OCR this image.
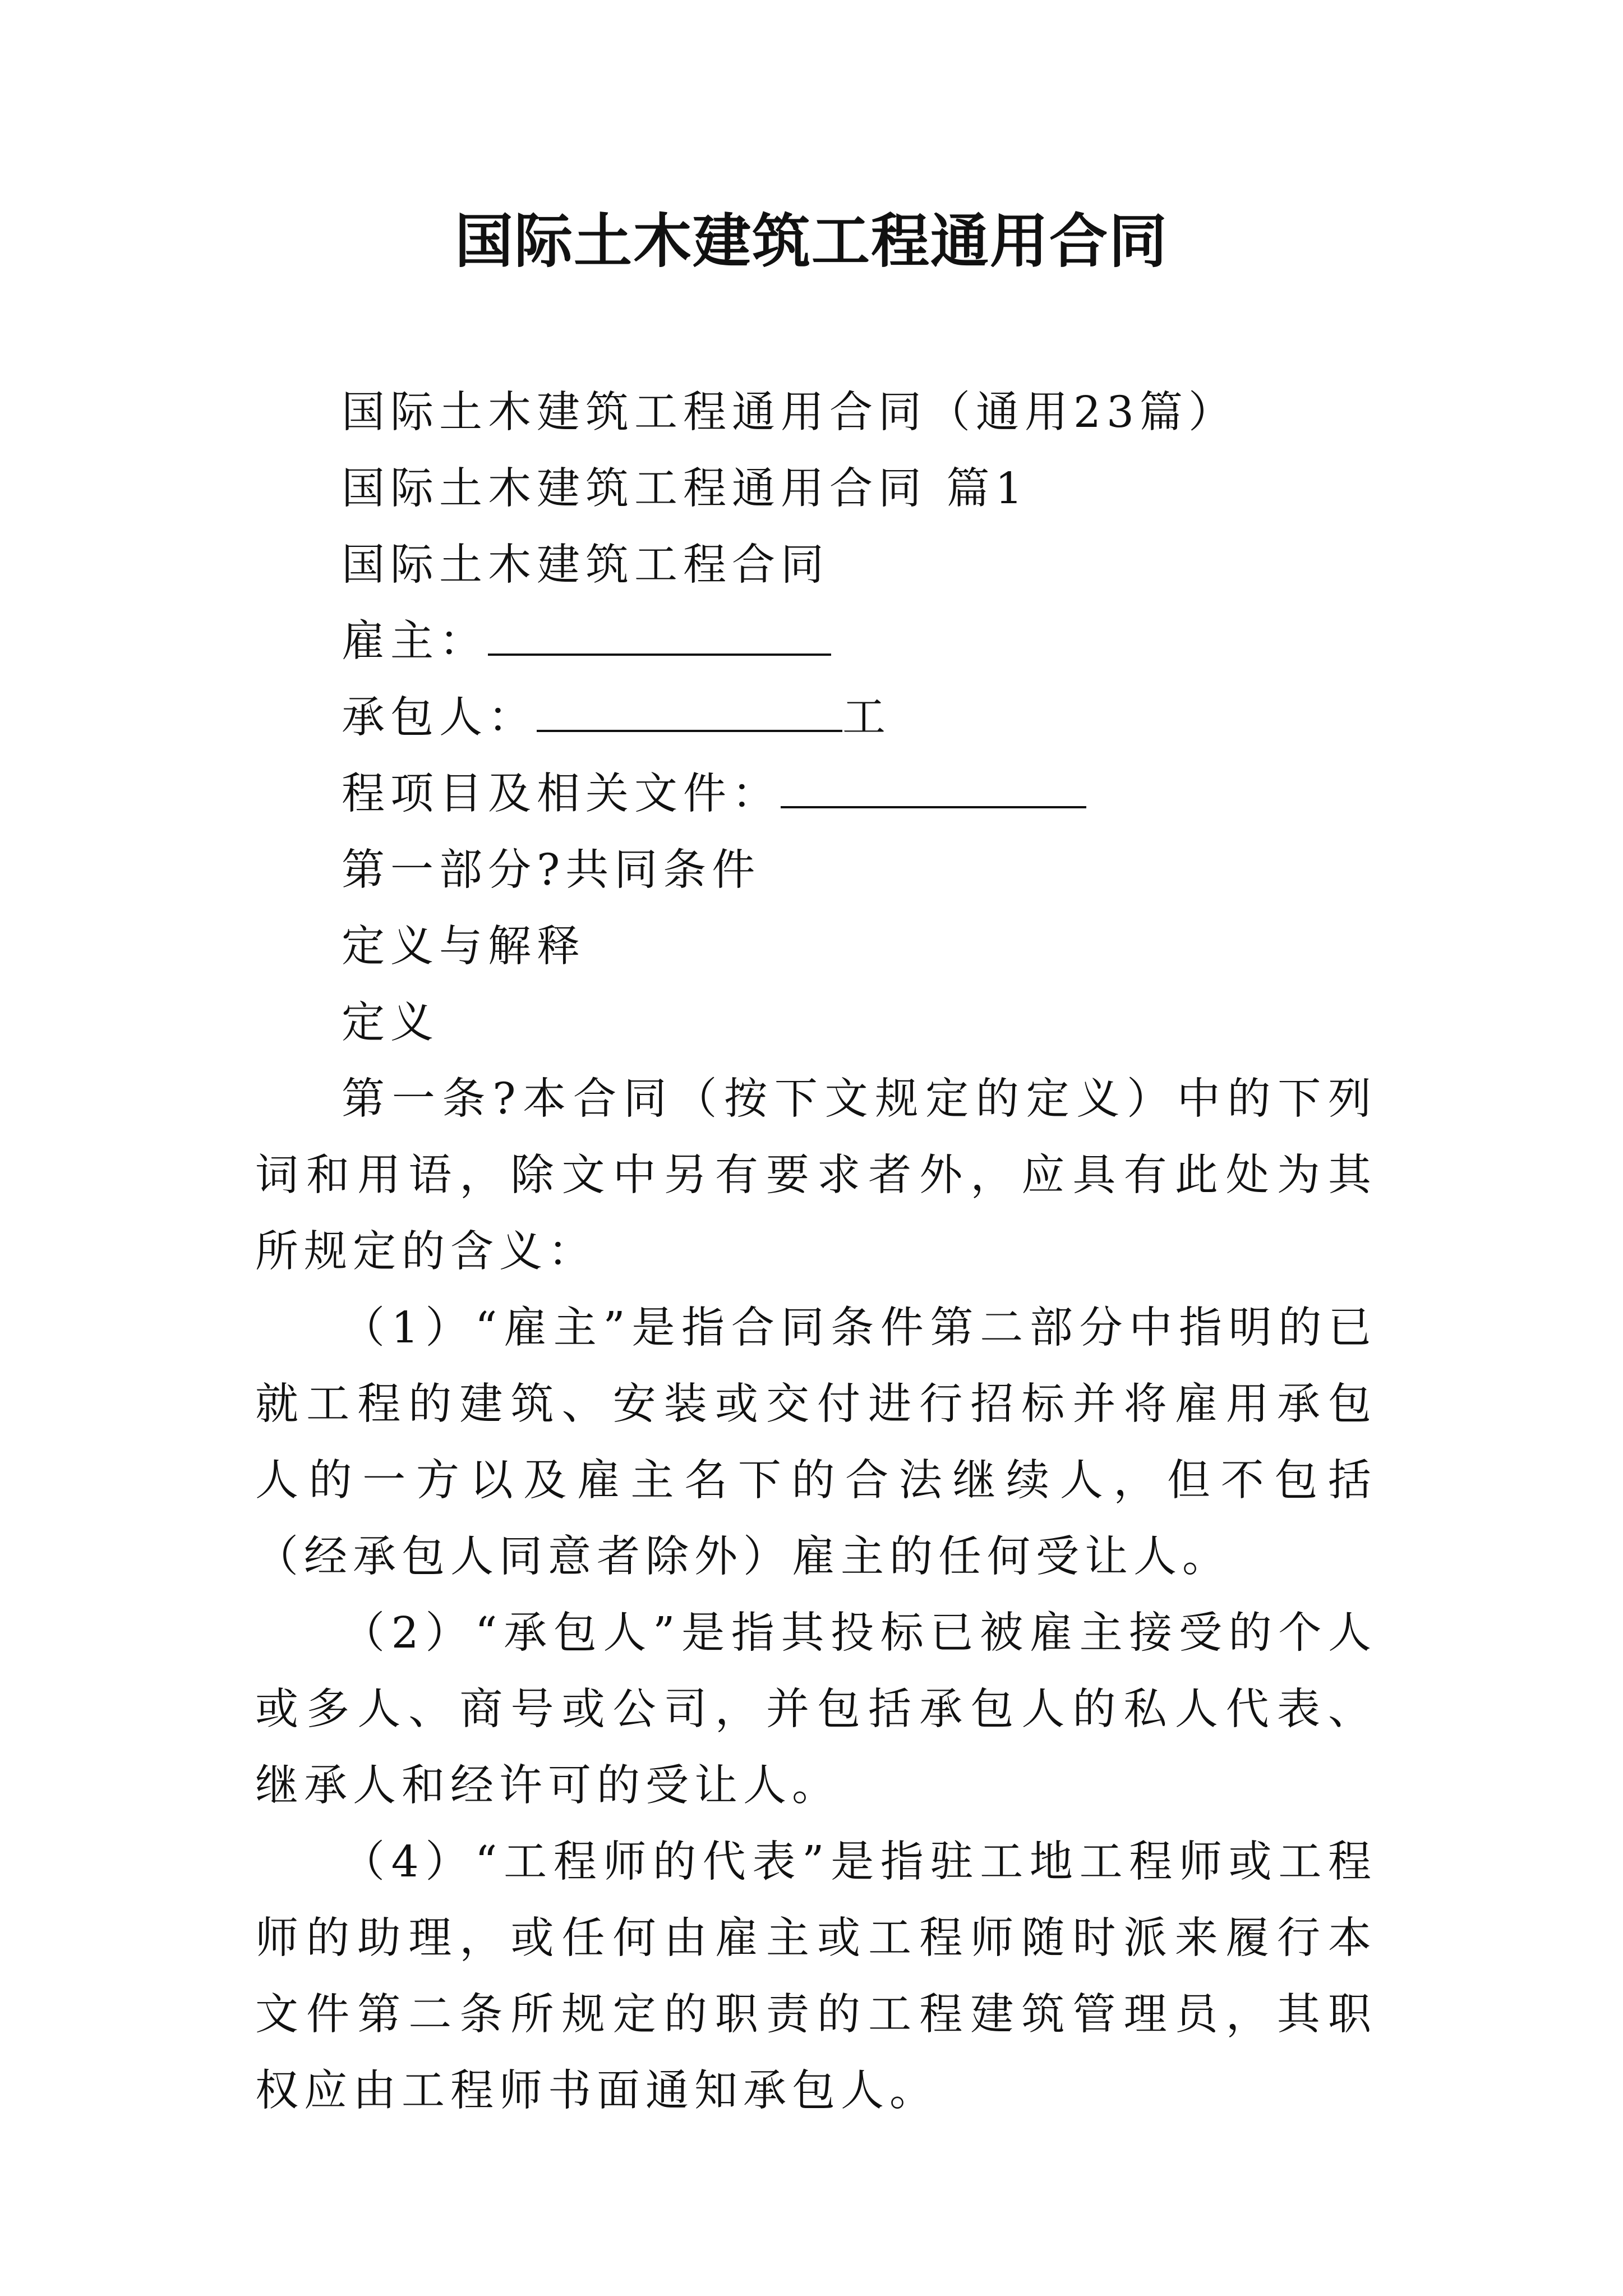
国际土木建筑工程通用合同

国际土木建筑工程通用合同（通用23篇）

国际土木建筑工程通用合同 篇1

国际土木建筑工程合同

雇主：

承包人：	工

程项目及相关文件：

第一部分?共同条件

定义与解释

定义

第一条?本合同（按下文规定的定义）中的下列词和用语，除文中另有要求者外，应具有此处为其所规定的含义：

（1）“雇主”是指合同条件第二部分中指明的已就工程的建筑、安装或交付进行招标并将雇用承包人的一方以及雇主名下的合法继续人，但不包括（经承包人同意者除外）雇主的任何受让人。

（2）“承包人”是指其投标已被雇主接受的个人或多人、商号或公司，并包括承包人的私人代表、继承人和经许可的受让人。

（4）“工程师的代表”是指驻工地工程师或工程师的助理，或任何由雇主或工程师随时派来履行本文件第二条所规定的职责的工程建筑管理员，其职权应由工程师书面通知承包人。
